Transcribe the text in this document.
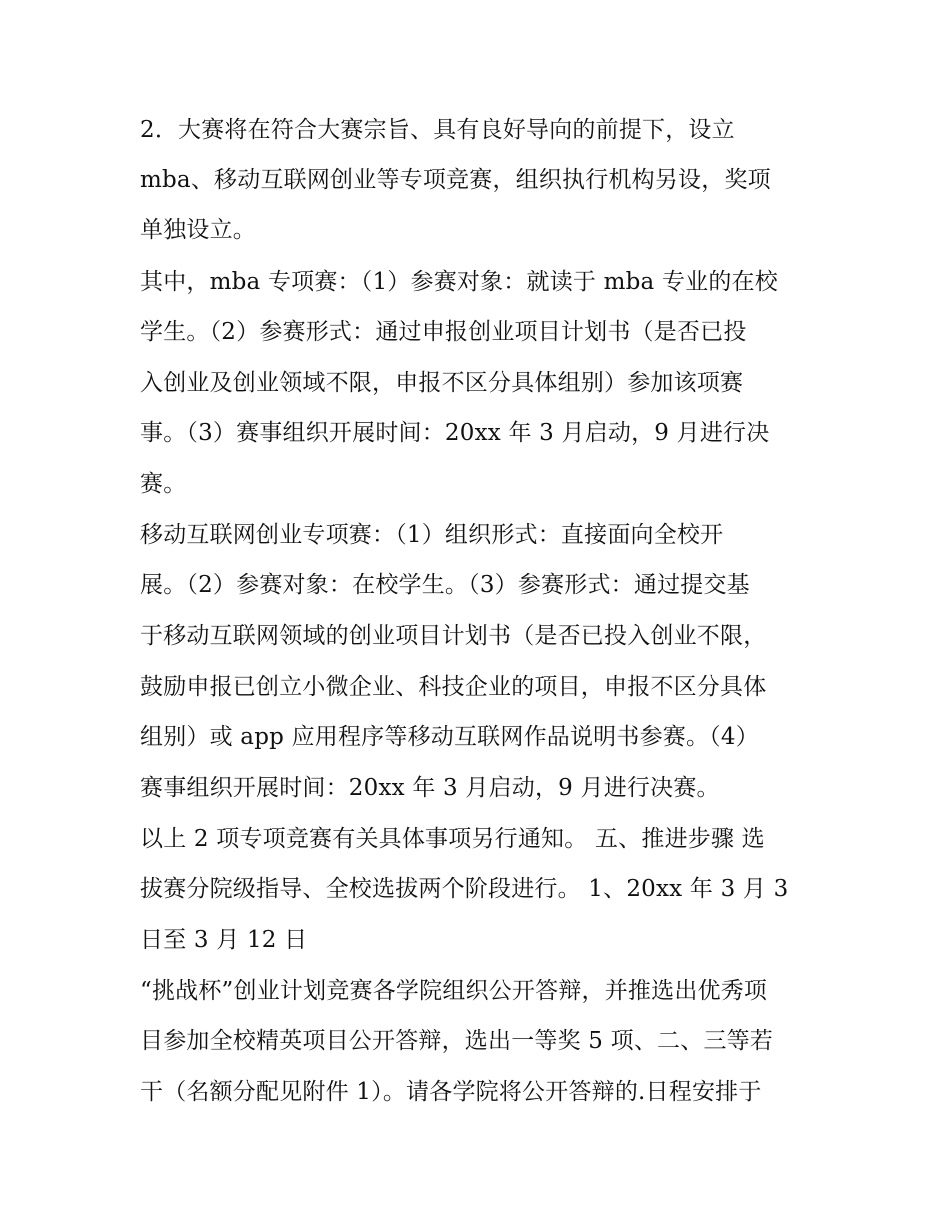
2．大赛将在符合大赛宗旨、具有良好导向的前提下，设立
mba、移动互联网创业等专项竞赛，组织执行机构另设，奖项
单独设立。
其中，mba 专项赛：（1）参赛对象：就读于 mba 专业的在校
学生。（2）参赛形式：通过申报创业项目计划书（是否已投
入创业及创业领域不限，申报不区分具体组别）参加该项赛
事。（3）赛事组织开展时间：20xx 年 3 月启动，9 月进行决
赛。
移动互联网创业专项赛：（1）组织形式：直接面向全校开
展。（2）参赛对象：在校学生。（3）参赛形式：通过提交基
于移动互联网领域的创业项目计划书（是否已投入创业不限，
鼓励申报已创立小微企业、科技企业的项目，申报不区分具体
组别）或 app 应用程序等移动互联网作品说明书参赛。（4）
赛事组织开展时间：20xx 年 3 月启动，9 月进行决赛。
以上 2 项专项竞赛有关具体事项另行通知。 五、推进步骤 选
拔赛分院级指导、全校选拔两个阶段进行。 1、20xx 年 3 月 3
日至 3 月 12 日
“挑战杯”创业计划竞赛各学院组织公开答辩，并推选出优秀项
目参加全校精英项目公开答辩，选出一等奖 5 项、二、三等若
干（名额分配见附件 1）。请各学院将公开答辩的.日程安排于
